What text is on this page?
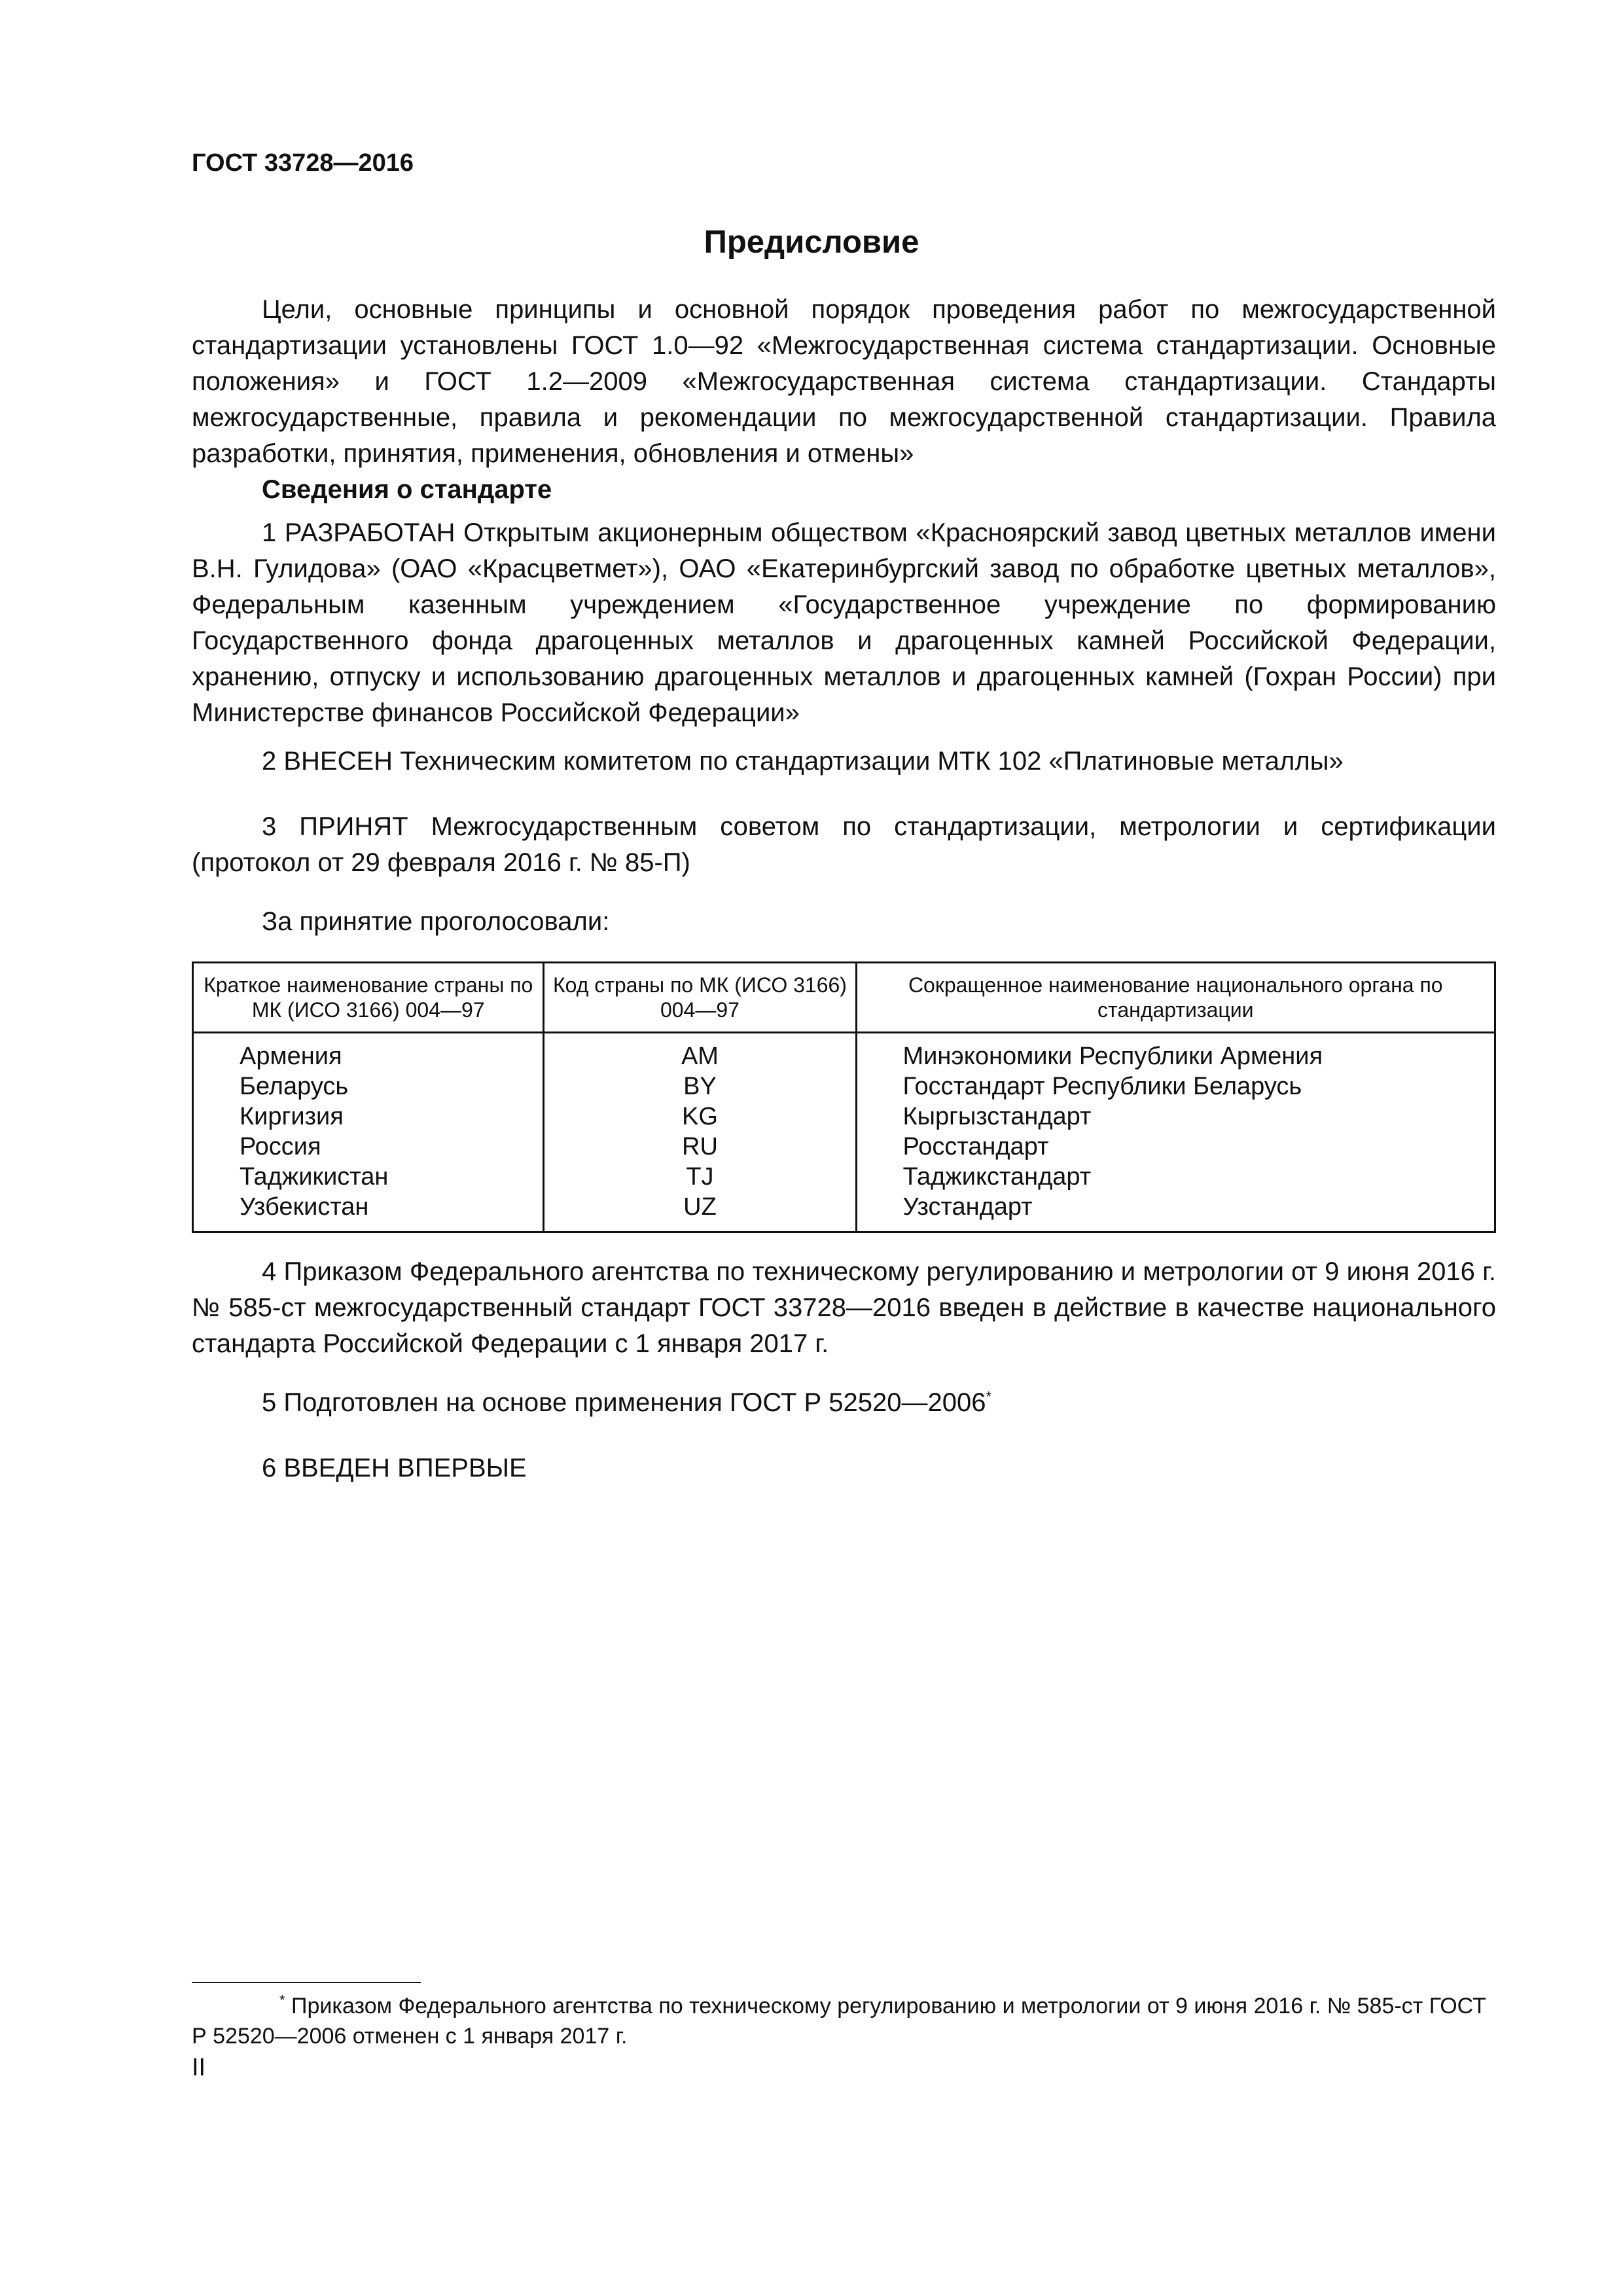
ГОСТ 33728—2016
Предисловие

Цели, основные принципы и основной порядок проведения работ по межгосударственной стандартизации установлены ГОСТ 1.0—92 «Межгосударственная система стандартизации. Основные положения» и ГОСТ 1.2—2009 «Межгосударственная система стандартизации. Стандарты межгосударственные, правила и рекомендации по межгосударственной стандартизации. Правила разработки, принятия, применения, обновления и отмены»

Сведения о стандарте

1 РАЗРАБОТАН Открытым акционерным обществом «Красноярский завод цветных металлов имени В.Н. Гулидова» (ОАО «Красцветмет»), ОАО «Екатеринбургский завод по обработке цветных металлов», Федеральным казенным учреждением «Государственное учреждение по формированию Государственного фонда драгоценных металлов и драгоценных камней Российской Федерации, хранению, отпуску и использованию драгоценных металлов и драгоценных камней (Гохран России) при Министерстве финансов Российской Федерации»

2 ВНЕСЕН Техническим комитетом по стандартизации МТК 102 «Платиновые металлы»

3 ПРИНЯТ Межгосударственным советом по стандартизации, метрологии и сертификации (протокол от 29 февраля 2016 г. № 85-П)

За принятие проголосовали:

Краткое наименование страны по МК (ИСО 3166) 004—97	Код страны по МК (ИСО 3166) 004—97	Сокращенное наименование национального органа по стандартизации
Армения	AM	Минэкономики Республики Армения
Беларусь	BY	Госстандарт Республики Беларусь
Киргизия	KG	Кыргызстандарт
Россия	RU	Росстандарт
Таджикистан	TJ	Таджикстандарт
Узбекистан	UZ	Узстандарт

4 Приказом Федерального агентства по техническому регулированию и метрологии от 9 июня 2016 г. № 585-ст межгосударственный стандарт ГОСТ 33728—2016 введен в действие в качестве национального стандарта Российской Федерации с 1 января 2017 г.

5 Подготовлен на основе применения ГОСТ Р 52520—2006*

6 ВВЕДЕН ВПЕРВЫЕ

* Приказом Федерального агентства по техническому регулированию и метрологии от 9 июня 2016 г. № 585-ст ГОСТ Р 52520—2006 отменен с 1 января 2017 г.
II
